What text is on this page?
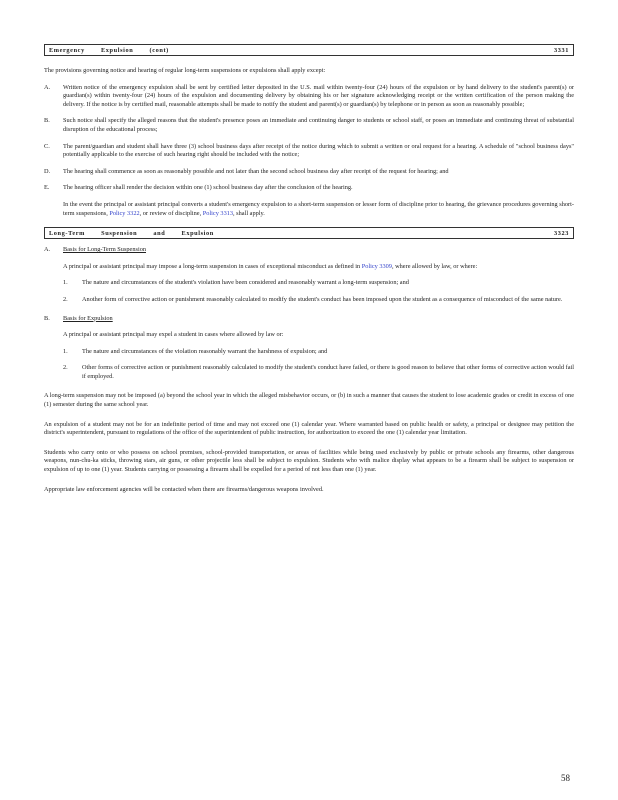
Emergency Expulsion (cont)	3331

The provisions governing notice and hearing of regular long-term suspensions or expulsions shall apply except:

A.	Written notice of the emergency expulsion shall be sent by certified letter deposited in the U.S. mail within twenty-four (24) hours of the expulsion or by hand delivery to the student's parent(s) or guardian(s) within twenty-four (24) hours of the expulsion and documenting delivery by obtaining his or her signature acknowledging receipt or the written certification of the person making the delivery. If the notice is by certified mail, reasonable attempts shall be made to notify the student and parent(s) or guardian(s) by telephone or in person as soon as reasonably possible;
B.	Such notice shall specify the alleged reasons that the student's presence poses an immediate and continuing danger to students or school staff, or poses an immediate and continuing threat of substantial disruption of the educational process;
C.	The parent/guardian and student shall have three (3) school business days after receipt of the notice during which to submit a written or oral request for a hearing. A schedule of "school business days" potentially applicable to the exercise of such hearing right should be included with the notice;
D.	The hearing shall commence as soon as reasonably possible and not later than the second school business day after receipt of the request for hearing; and
E.	The hearing officer shall render the decision within one (1) school business day after the conclusion of the hearing.

In the event the principal or assistant principal converts a student's emergency expulsion to a short-term suspension or lesser form of discipline prior to hearing, the grievance procedures governing short-term suspensions, Policy 3322, or review of discipline, Policy 3313, shall apply.

Long-Term Suspension and Expulsion	3323
A.	Basis for Long-Term Suspension

A principal or assistant principal may impose a long-term suspension in cases of exceptional misconduct as defined in Policy 3309, where allowed by law, or where:

1.	The nature and circumstances of the student's violation have been considered and reasonably warrant a long-term suspension; and
2.	Another form of corrective action or punishment reasonably calculated to modify the student's conduct has been imposed upon the student as a consequence of misconduct of the same nature.
B.	Basis for Expulsion

A principal or assistant principal may expel a student in cases where allowed by law or:

1.	The nature and circumstances of the violation reasonably warrant the harshness of expulsion; and
2.	Other forms of corrective action or punishment reasonably calculated to modify the student's conduct have failed, or there is good reason to believe that other forms of corrective action would fail if employed.

A long-term suspension may not be imposed (a) beyond the school year in which the alleged misbehavior occurs, or (b) in such a manner that causes the student to lose academic grades or credit in excess of one (1) semester during the same school year.

An expulsion of a student may not be for an indefinite period of time and may not exceed one (1) calendar year. Where warranted based on public health or safety, a principal or designee may petition the district's superintendent, pursuant to regulations of the office of the superintendent of public instruction, for authorization to exceed the one (1) calendar year limitation.

Students who carry onto or who possess on school premises, school-provided transportation, or areas of facilities while being used exclusively by public or private schools any firearms, other dangerous weapons, nun-chu-ka sticks, throwing stars, air guns, or other projectile less shall be subject to expulsion. Students who with malice display what appears to be a firearm shall be subject to suspension or expulsion of up to one (1) year. Students carrying or possessing a firearm shall be expelled for a period of not less than one (1) year.

Appropriate law enforcement agencies will be contacted when there are firearms/dangerous weapons involved.

58
